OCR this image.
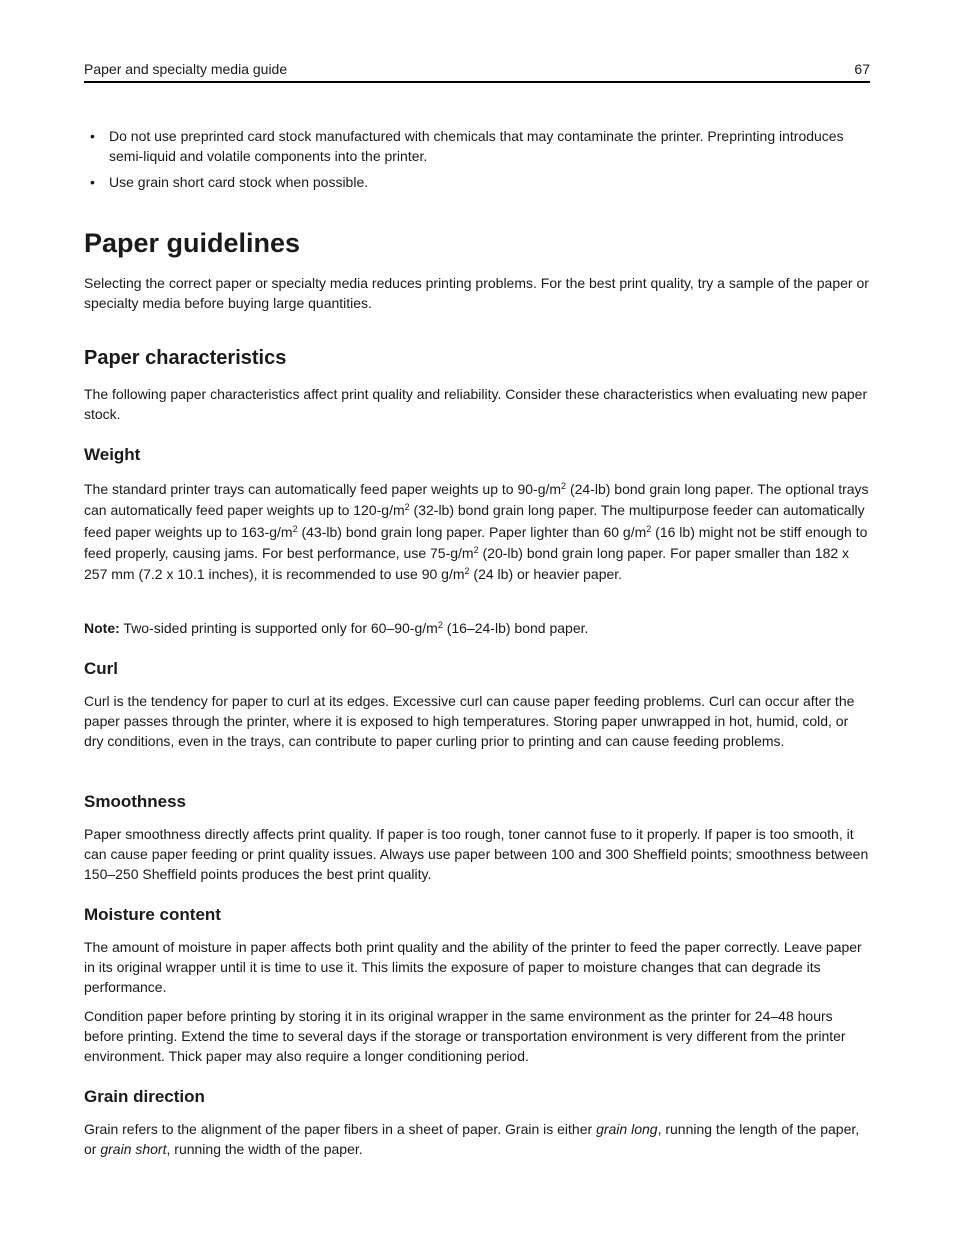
Paper and specialty media guide	67
• Do not use preprinted card stock manufactured with chemicals that may contaminate the printer. Preprinting introduces semi-liquid and volatile components into the printer.
• Use grain short card stock when possible.
Paper guidelines

Selecting the correct paper or specialty media reduces printing problems. For the best print quality, try a sample of the paper or specialty media before buying large quantities.

Paper characteristics

The following paper characteristics affect print quality and reliability. Consider these characteristics when evaluating new paper stock.

Weight

The standard printer trays can automatically feed paper weights up to $90‑g/m^2$ (24‑lb) bond grain long paper. The optional trays can automatically feed paper weights up to $120‑g/m^2$ (32‑lb) bond grain long paper. The multipurpose feeder can automatically feed paper weights up to $163‑g/m^2$ (43‑lb) bond grain long paper. Paper lighter than 60 $g/m^2$ (16 lb) might not be stiff enough to feed properly, causing jams. For best performance, use $75‑g/m^2$ (20‑lb) bond grain long paper. For paper smaller than 182 x 257 mm (7.2 x 10.1 inches), it is recommended to use 90 $g/m^2$ (24 lb) or heavier paper.

Note: Two‑sided printing is supported only for $60-90‑g/m^2$ (16–24‑lb) bond paper.

Curl

Curl is the tendency for paper to curl at its edges. Excessive curl can cause paper feeding problems. Curl can occur after the paper passes through the printer, where it is exposed to high temperatures. Storing paper unwrapped in hot, humid, cold, or dry conditions, even in the trays, can contribute to paper curling prior to printing and can cause feeding problems.

Smoothness

Paper smoothness directly affects print quality. If paper is too rough, toner cannot fuse to it properly. If paper is too smooth, it can cause paper feeding or print quality issues. Always use paper between 100 and 300 Sheffield points; smoothness between 150–250 Sheffield points produces the best print quality.

Moisture content

The amount of moisture in paper affects both print quality and the ability of the printer to feed the paper correctly. Leave paper in its original wrapper until it is time to use it. This limits the exposure of paper to moisture changes that can degrade its performance.

Condition paper before printing by storing it in its original wrapper in the same environment as the printer for 24–48 hours before printing. Extend the time to several days if the storage or transportation environment is very different from the printer environment. Thick paper may also require a longer conditioning period.

Grain direction

Grain refers to the alignment of the paper fibers in a sheet of paper. Grain is either grain long, running the length of the paper, or grain short, running the width of the paper.
